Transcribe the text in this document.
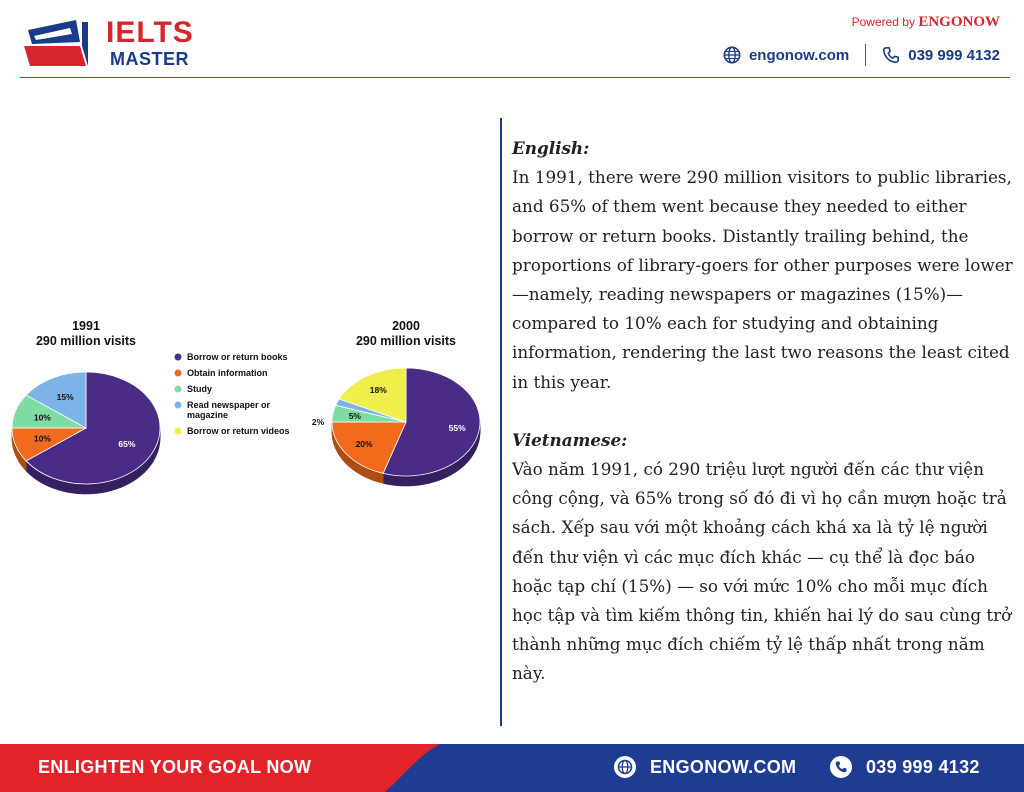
IELTS
MASTER
Powered by ENGONOW
engonow.com	039 999 4132
1991
290 million visits
65%
10%
10%
15%
2000
290 million visits
55%
20%
5%
2%
18%
Borrow or return books
Obtain information
Study
Read newspaper or
magazine
Borrow or return videos
English:
In 1991, there were 290 million visitors to public libraries, and 65% of them went because they needed to either borrow or return books. Distantly trailing behind, the proportions of library-goers for other purposes were lower—namely, reading newspapers or magazines (15%)—compared to 10% each for studying and obtaining information, rendering the last two reasons the least cited in this year.
Vietnamese:
Vào năm 1991, có 290 triệu lượt người đến các thư viện công cộng, và 65% trong số đó đi vì họ cần mượn hoặc trả sách. Xếp sau với một khoảng cách khá xa là tỷ lệ người đến thư viện vì các mục đích khác — cụ thể là đọc báo hoặc tạp chí (15%) — so với mức 10% cho mỗi mục đích học tập và tìm kiếm thông tin, khiến hai lý do sau cùng trở thành những mục đích chiếm tỷ lệ thấp nhất trong năm này.
ENLIGHTEN YOUR GOAL NOW	ENGONOW.COM	039 999 4132
